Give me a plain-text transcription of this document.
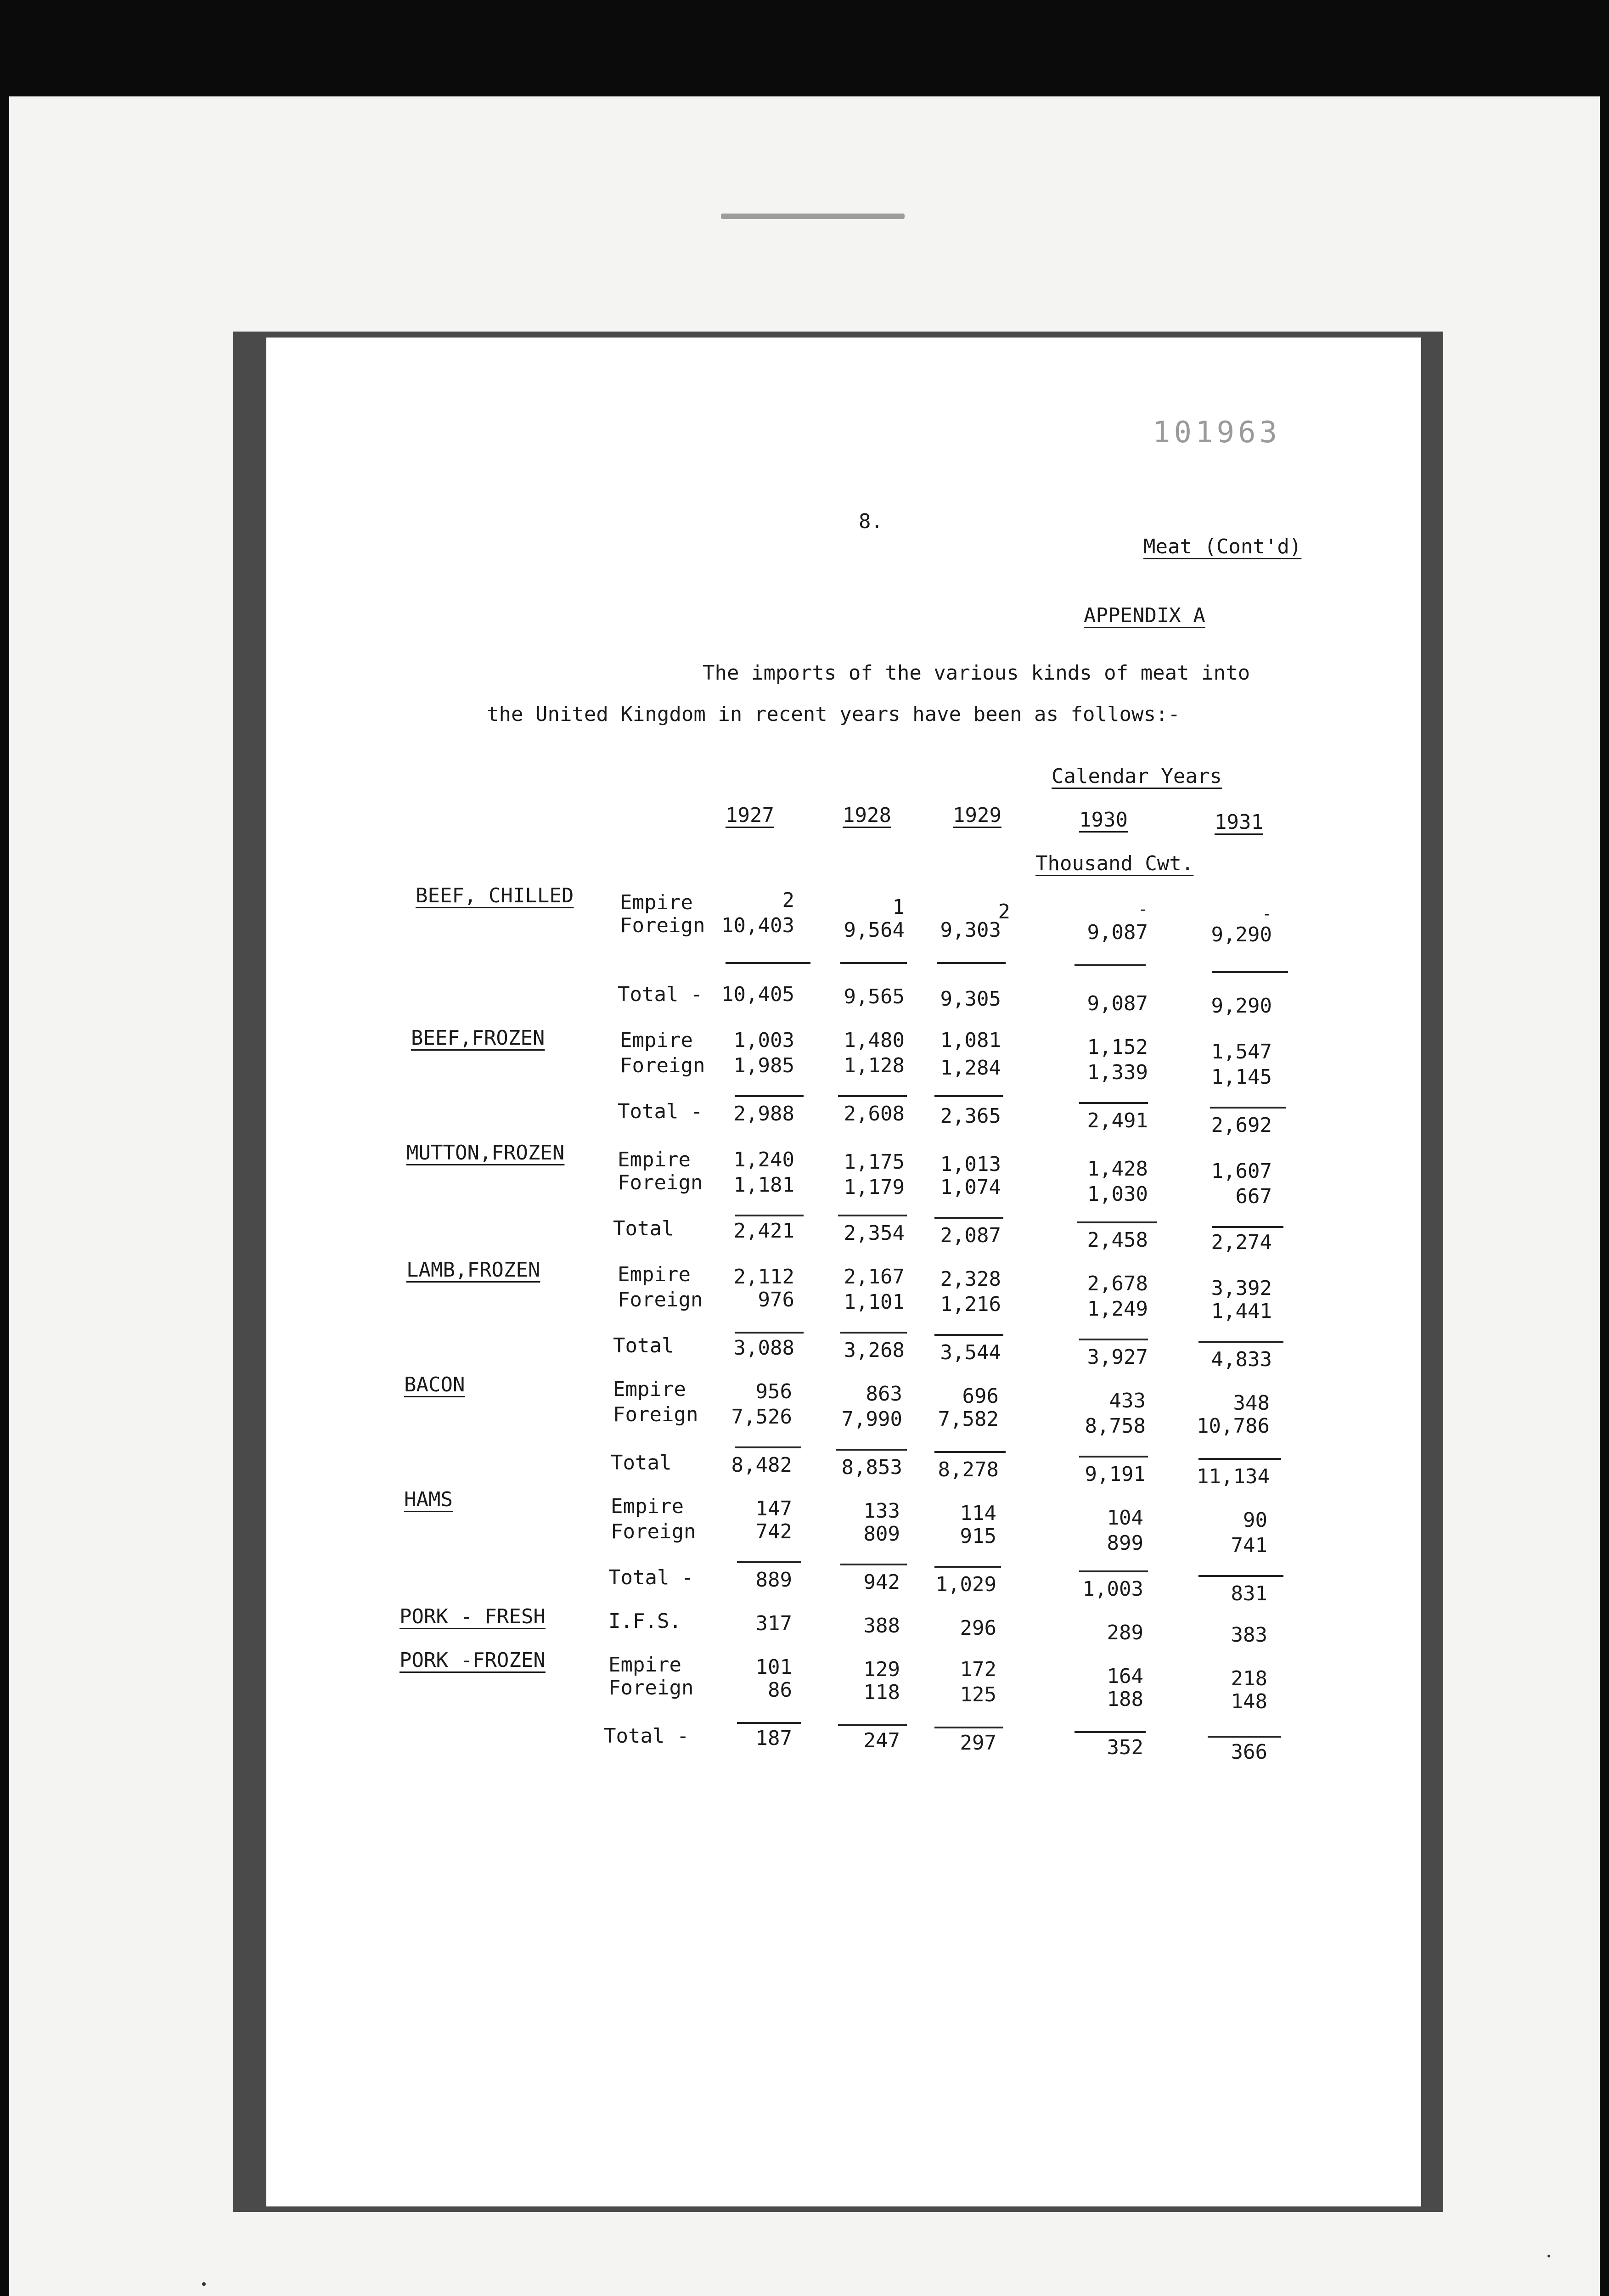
101963
8.
Meat (Cont'd)
APPENDIX A
The imports of the various kinds of meat into
the United Kingdom in recent years have been as follows:-
Calendar Years
1927	1928	1929	1930	1931
Thousand Cwt.
BEEF, CHILLED Empire	2	1	2	-	-
Foreign 10,403	9,564	9,303	9,087	9,290
Total - 10,405	9,565	9,305	9,087	9,290
BEEF,FROZEN	Empire	1,003	1,480	1,081	1,152	1,547
Foreign	1,985	1,128	1,284	1,339	1,145
Total -	2,988	2,608	2,365	2,491	2,692
MUTTON,FROZEN	Empire	1,240	1,175	1,013	1,428	1,607
Foreign	1,181	1,179	1,074	1,030	667
Total	2,421	2,354	2,087	2,458	2,274
LAMB,FROZEN	Empire	2,112	2,167	2,328	2,678	3,392
Foreign	976	1,101	1,216	1,249	1,441
Total	3,088	3,268	3,544	3,927	4,833
BACON	Empire	956	863	696	433	348
Foreign	7,526	7,990	7,582	8,758	10,786
Total	8,482	8,853	8,278	9,191	11,134
HAMS	Empire	147	133	114	104	90
Foreign	742	809	915	899	741
Total -	889	942	1,029	1,003	831
PORK - FRESH	I.F.S.	317	388	296	289	383
PORK -FROZEN	Empire	101	129	172	164	218
Foreign	86	118	125	188	148
Total -	187	247	297	352	366
